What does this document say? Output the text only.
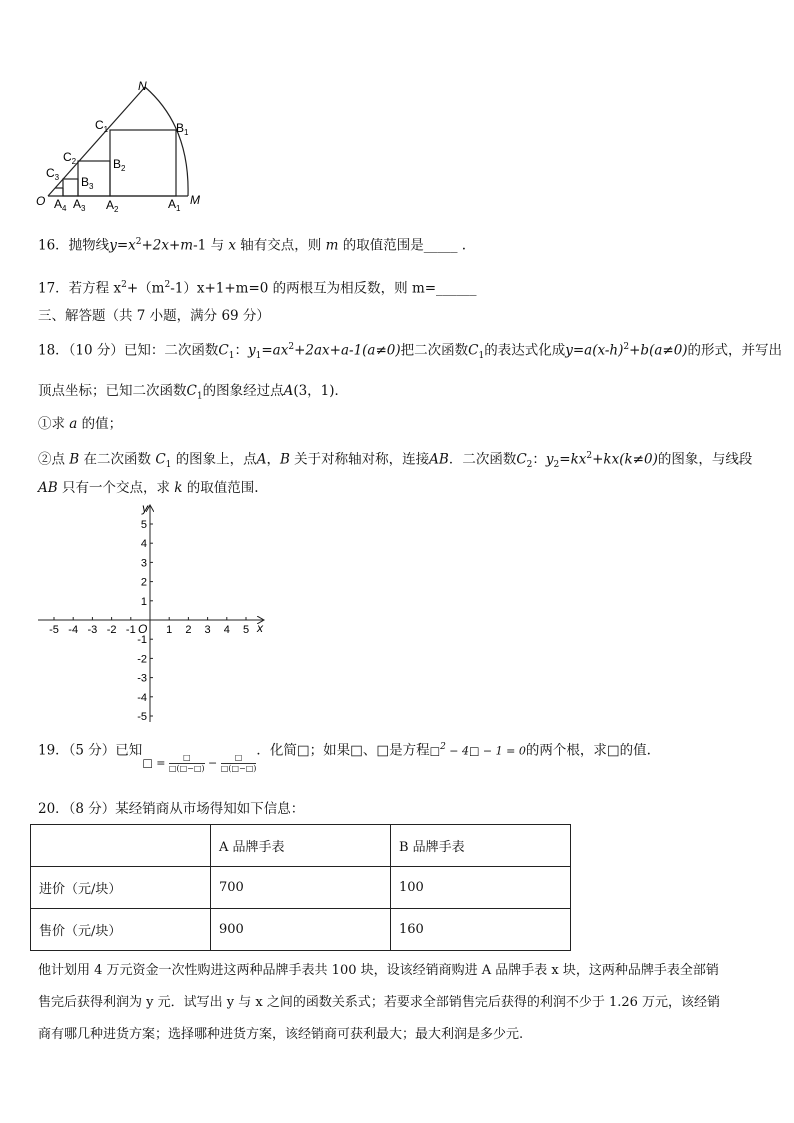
N
O	M
$C_1$	$B_1$
$C_2$	$B_2$
$C_3$ $B_3$
$A_4$ $A_3$ $A_2$	$A_1$
16．抛物线$y=x^2+2x+m-1$ 与 x 轴有交点，则 m 的取值范围是_____ .
17．若方程 $x^2+(m^2-1)x+1+m=0$ 的两根互为相反数，则 m=______
三、解答题（共 7 小题，满分 69 分）
18．（10 分）已知：二次函数$C_1$：$y_1=ax^2+2ax+a-1(a\ne 0)$把二次函数$C_1$的表达式化成$y=a(x-h)^2+b(a\ne 0)$的形式，并写出
顶点坐标；已知二次函数$C_1$的图象经过点A(3，1)．
①求 a 的值；
②点 B 在二次函数 $C_1$ 的图象上，点A，B 关于对称轴对称，连接AB．二次函数$C_2$：$y_2=kx^2+kx(k\ne 0)$的图象，与线段
AB 只有一个交点，求 k 的取值范围.
x
y
O
-5 -4 -3 -2 -1	1 2 3 4 5
5
4
3
2
1
-1
-2
-3
-4
-5
19．（5 分）已知□ = $\frac{□}{□(□-□)} - \frac{□}{□(□-□)}$
．化简□；如果□、□是方程□$^2$ − 4□ − 1 = 0的两个根，求□的值.
20．（8 分）某经销商从市场得知如下信息：
	A 品牌手表	B 品牌手表
进价（元/块）	700	100
售价（元/块）	900	160
他计划用 4 万元资金一次性购进这两种品牌手表共 100 块，设该经销商购进 A 品牌手表 x 块，这两种品牌手表全部销
售完后获得利润为 y 元．试写出 y 与 x 之间的函数关系式；若要求全部销售完后获得的利润不少于 1.26 万元，该经销
商有哪几种进货方案；选择哪种进货方案，该经销商可获利最大；最大利润是多少元.
